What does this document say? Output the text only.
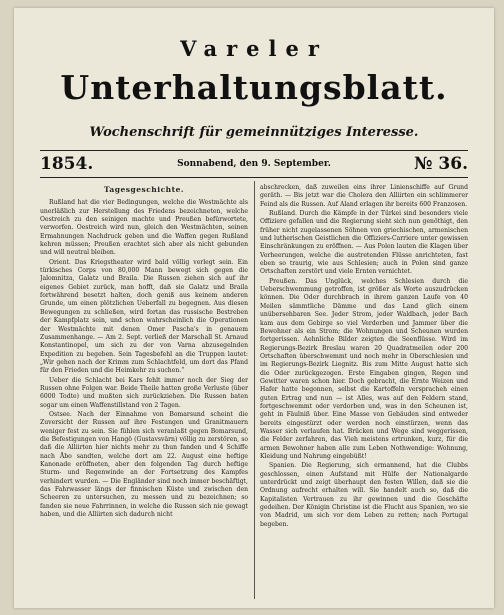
Vareler
Unterhaltungsblatt.
Wochenschrift für gemeinnütziges Interesse.
1854.	Sonnabend, den 9. September.	№ 36.
Tagesgeschichte.

Rußland hat die vier Bedingungen, welche die Westmächte als unerläßlich zur Herstellung des Friedens bezeichneten, welche Oestreich zu den seinigen machte und Preußen befürwortete, verworfen. Oestreich wird nun, gleich den Westmächten, seinen Ermahnungen Nachdruck geben und die Waffen gegen Rußland kehren müssen; Preußen erachtet sich aber als nicht gebunden und will neutral bleiben.

Orient. Das Kriegstheater wird bald völlig verlegt sein. Ein türkisches Corps von 80,000 Mann bewegt sich gegen die Jalomnitza, Galatz und Braila. Die Russen ziehen sich auf ihr eigenes Gebiet zurück, man hofft, daß sie Galatz und Braila fortwährend besetzt halten, doch geniß aus keinem anderen Grunde, um einen plötzlichen Ueberfall zu begegnen. Aus diesen Bewegungen zu schließen, wird fortan das russische Bestreben der Kampfplatz sein, und schon wahrscheinlich die Operationen der Westmächte mit denen Omer Pascha's in genauem Zusammenhange. — Am 2. Sept. verließ der Marschall St. Arnaud Konstantinopel, um sich zu der von Varna abzusegelnden Expedition zu begeben. Sein Tagesbefehl an die Truppen lautet: „Wir gehen nach der Krimm zum Schlachtfeld, um dort das Pfand für den Frieden und die Heimkehr zu suchen.“

Ueber die Schlacht bei Kars fehlt immer noch der Sieg der Russen ohne Folgen war. Beide Theile hatten große Verluste (über 6000 Todte) und mußten sich zurückziehen. Die Russen baten sogar um einen Waffenstillstand von 2 Tagen.

Ostsee. Nach der Einnahme von Bomarsund scheint die Zuversicht der Russen auf ihre Festungen und Granitmauern weniger fest zu sein. Sie fühlen sich veranlaßt gegen Bomarsund, die Befestigungen von Hangö (Gustavsvärn) völlig zu zerstören, so daß die Alliirten hier nichts mehr zu thun fanden und 4 Schiffe nach Åbo sandten, welche dort am 22. August eine heftige Kanonade eröffneten, aber den folgenden Tag durch heftige Sturm- und Regenwinde an der Fortsetzung des Kampfes verhindert wurden. — Die Engländer sind noch immer beschäftigt, das Fahrwasser längs der finnischen Küste und zwischen den Scheeren zu untersuchen, zu messen und zu bezeichnen; so fanden sie neue Fahrrinnen, in welche die Russen sich nie gewagt haben, und die Alliirten sich dadurch nicht

abschrecken, daß zuweilen eins ihrer Linienschiffe auf Grund geräth. — Bis jetzt war die Cholera den Alliirten ein schlimmerer Feind als die Russen. Auf Aland erlagen ihr bereits 600 Franzosen.

Rußland. Durch die Kämpfe in der Türkei sind besonders viele Offiziere gefallen und die Regierung sieht sich nun genöthigt, den früher nicht zugelassenen Söhnen von griechischen, armenischen und lutherischen Geistlichen die Offiziers-Carriere unter gewissen Einschränkungen zu eröffnen. — Aus Polen lauten die Klagen über Verheerungen, welche die austretenden Flüsse anrichteten, fast eben so traurig, wie aus Schlesien; auch in Polen sind ganze Ortschaften zerstört und viele Ernten vernichtet.

Preußen. Das Unglück, welches Schlesien durch die Ueberschwemmung getroffen, ist größer als Worte auszudrücken können. Die Oder durchbrach in ihrem ganzen Laufe von 40 Meilen sämmtliche Dämme und das Land glich einem unübersehbaren See. Jeder Strom, jeder Waldbach, jeder Bach kam aus dem Gebirge so viel Verderben und Jammer über die Bewohner als ein Strom; die Wohnungen und Scheunen wurden fortgerissen. Aehnliche Bilder zeigten die Seenflüsse. Wird im Regierungs-Bezirk Breslau waren 20 Quadratmeilen oder 200 Ortschaften überschwemmt und noch mehr in Oberschlesien und im Regierungs-Bezirk Liegnitz. Bis zum Mitte August hatte sich die Oder zurückgezogen. Erste Eingaben gingen, Regen und Gewitter waren schon hier. Doch gebracht, die Ernte Weizen und Hafer hatte begonnen, selbst die Kartoffeln verspracheh einen guten Ertrag und nun — ist Alles, was auf den Feldern stand, fortgeschwemmt oder verdorben und, was in den Scheunen ist, geht in Fäulniß über. Eine Masse von Gebäuden sind entweder bereits eingestürzt oder werden noch einstürzen, wenn das Wasser sich verlaufen hat. Brücken und Wege sind weggerissen, die Felder zerfahren, das Vieh meistens ertrunken, kurz, für die armen Bewohner haben alle zum Leben Nothwendige: Wohnung, Kleidung und Nahrung eingebüßt!

Spanien. Die Regierung, sich ermannend, hat die Clubbs geschlossen, einen Aufstand mit Hülfe der Nationalgarde unterdrückt und zeigt überhaupt den festen Willen, daß sie die Ordnung aufrecht erhalten will. Sie handelt auch so, daß die Kapitalisten Vertrauen zu ihr gewinnen und die Geschäfte gedeihen. Der Königin Christine ist die Flucht aus Spanien, wo sie von Madrid, um sich vor dem Leben zu retten; nach Portugal begeben.
